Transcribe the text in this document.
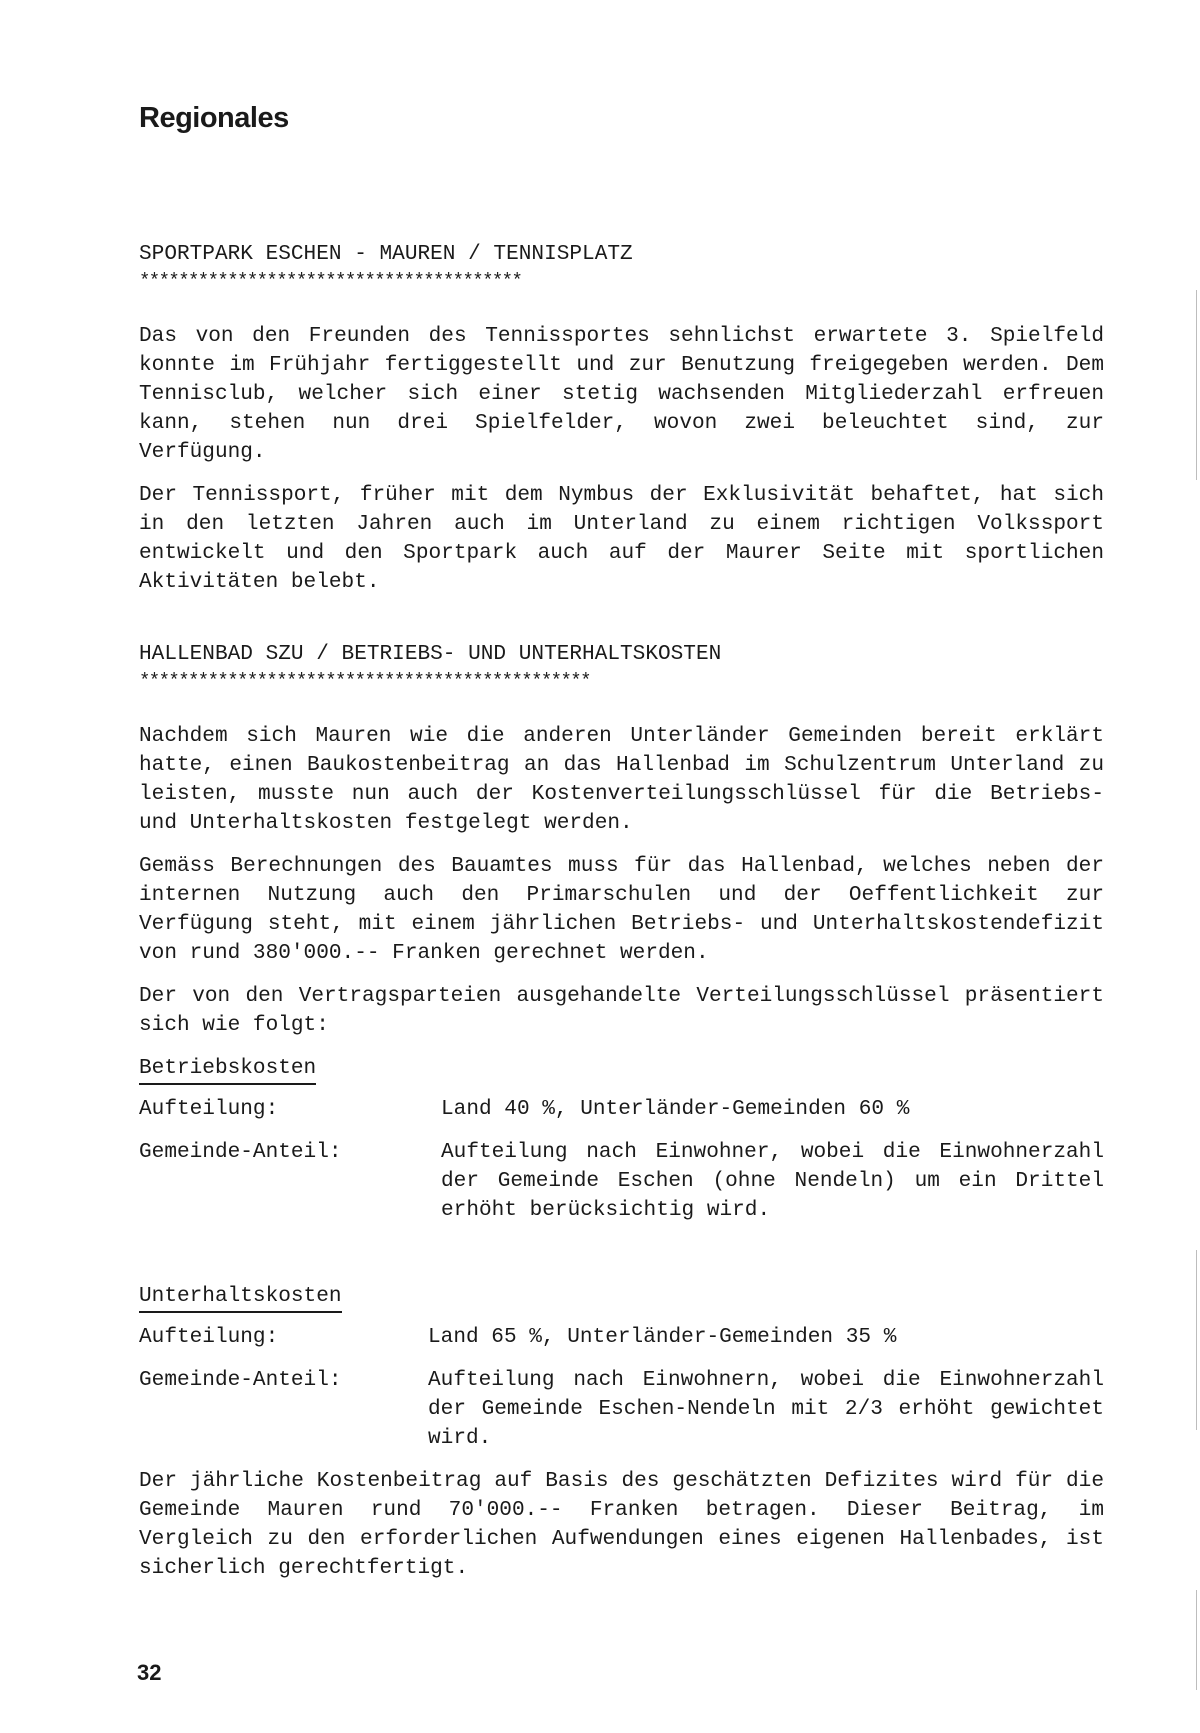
Regionales
SPORTPARK ESCHEN - MAUREN / TENNISPLATZ
***************************************

Das von den Freunden des Tennissportes sehnlichst erwartete 3. Spielfeld konnte im Frühjahr fertiggestellt und zur Benutzung freigegeben werden. Dem Tennisclub, welcher sich einer stetig wachsenden Mitgliederzahl erfreuen kann, stehen nun drei Spielfelder, wovon zwei beleuchtet sind, zur Verfügung.

Der Tennissport, früher mit dem Nymbus der Exklusivität behaftet, hat sich in den letzten Jahren auch im Unterland zu einem richtigen Volkssport entwickelt und den Sportpark auch auf der Maurer Seite mit sportlichen Aktivitäten belebt.

HALLENBAD SZU / BETRIEBS- UND UNTERHALTSKOSTEN
**********************************************

Nachdem sich Mauren wie die anderen Unterländer Gemeinden bereit erklärt hatte, einen Baukostenbeitrag an das Hallenbad im Schulzentrum Unterland zu leisten, musste nun auch der Kostenverteilungsschlüssel für die Betriebs- und Unterhaltskosten festgelegt werden.

Gemäss Berechnungen des Bauamtes muss für das Hallenbad, welches neben der internen Nutzung auch den Primarschulen und der Oeffentlichkeit zur Verfügung steht, mit einem jährlichen Betriebs- und Unterhaltskostendefizit von rund 380'000.-- Franken gerechnet werden.

Der von den Vertragsparteien ausgehandelte Verteilungsschlüssel präsentiert sich wie folgt:

Betriebskosten
Aufteilung:	Land 40 %, Unterländer-Gemeinden 60 %
Gemeinde-Anteil:	Aufteilung nach Einwohner, wobei die Einwohnerzahl der Gemeinde Eschen (ohne Nendeln) um ein Drittel erhöht berücksichtig wird.
Unterhaltskosten
Aufteilung:	Land 65 %, Unterländer-Gemeinden 35 %
Gemeinde-Anteil:	Aufteilung nach Einwohnern, wobei die Einwohnerzahl der Gemeinde Eschen-Nendeln mit 2/3 erhöht gewichtet wird.

Der jährliche Kostenbeitrag auf Basis des geschätzten Defizites wird für die Gemeinde Mauren rund 70'000.-- Franken betragen. Dieser Beitrag, im Vergleich zu den erforderlichen Aufwendungen eines eigenen Hallenbades, ist sicherlich gerechtfertigt.

32
